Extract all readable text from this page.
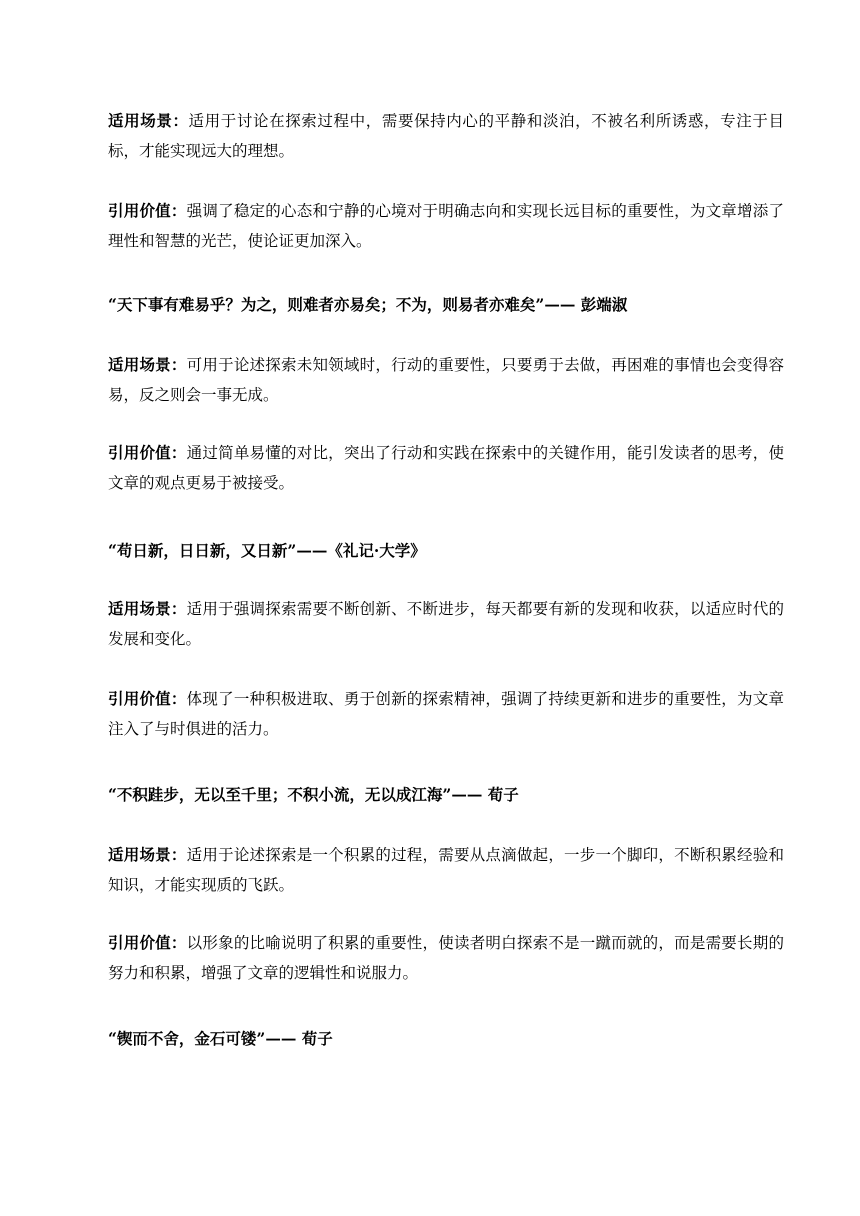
适用场景：适用于讨论在探索过程中，需要保持内心的平静和淡泊，不被名利所诱惑，专注于目标，才能实现远大的理想。

引用价值：强调了稳定的心态和宁静的心境对于明确志向和实现长远目标的重要性，为文章增添了理性和智慧的光芒，使论证更加深入。

“天下事有难易乎？为之，则难者亦易矣；不为，则易者亦难矣”—— 彭端淑

适用场景：可用于论述探索未知领域时，行动的重要性，只要勇于去做，再困难的事情也会变得容易，反之则会一事无成。

引用价值：通过简单易懂的对比，突出了行动和实践在探索中的关键作用，能引发读者的思考，使文章的观点更易于被接受。

“苟日新，日日新，又日新”——《礼记·大学》

适用场景：适用于强调探索需要不断创新、不断进步，每天都要有新的发现和收获，以适应时代的发展和变化。

引用价值：体现了一种积极进取、勇于创新的探索精神，强调了持续更新和进步的重要性，为文章注入了与时俱进的活力。

“不积跬步，无以至千里；不积小流，无以成江海”—— 荀子

适用场景：适用于论述探索是一个积累的过程，需要从点滴做起，一步一个脚印，不断积累经验和知识，才能实现质的飞跃。

引用价值：以形象的比喻说明了积累的重要性，使读者明白探索不是一蹴而就的，而是需要长期的努力和积累，增强了文章的逻辑性和说服力。

“锲而不舍，金石可镂”—— 荀子
